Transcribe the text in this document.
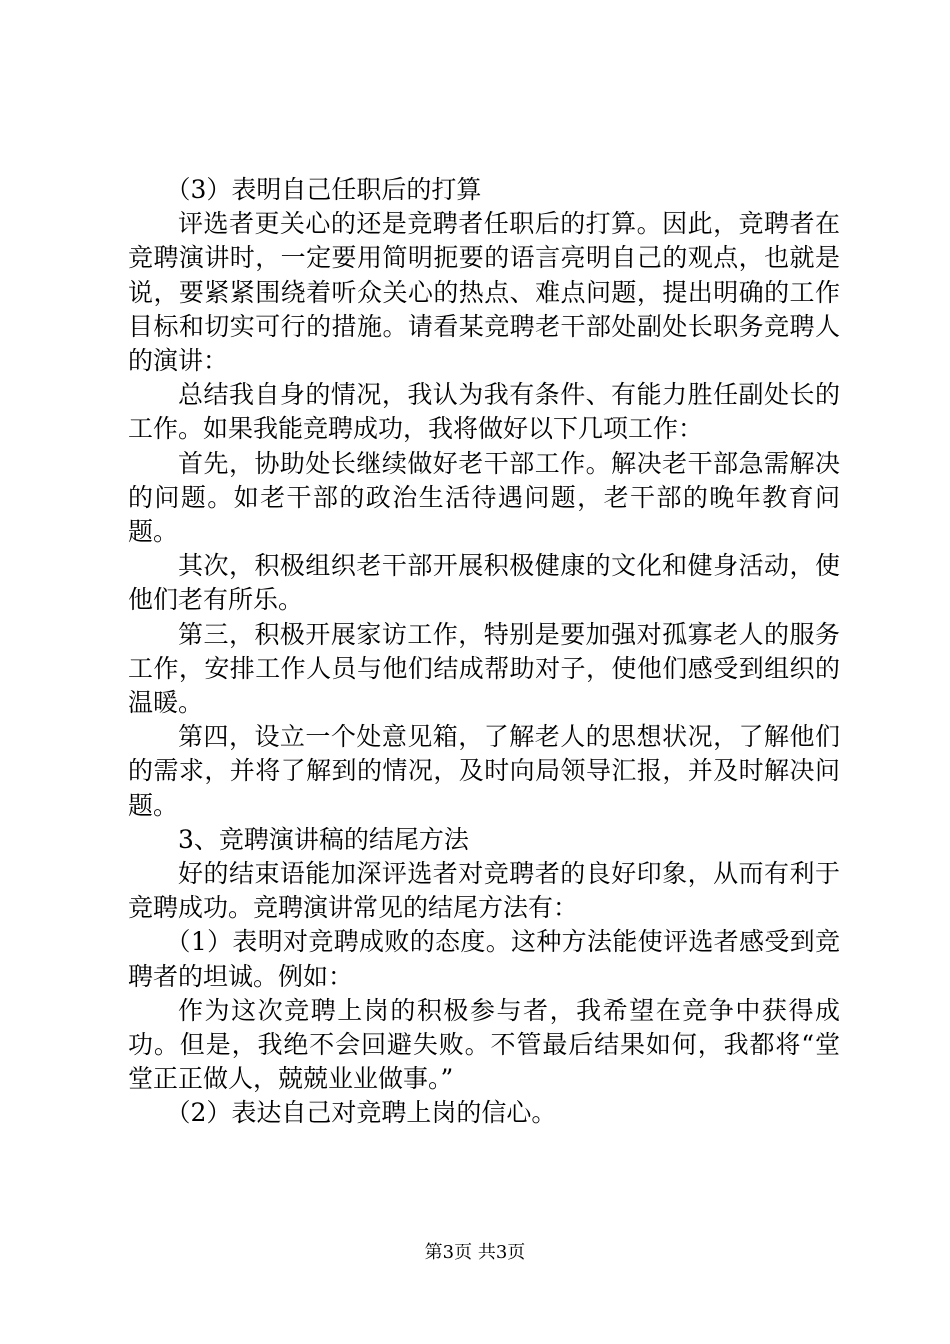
（3）表明自己任职后的打算

评选者更关心的还是竞聘者任职后的打算。因此，竞聘者在竞聘演讲时，一定要用简明扼要的语言亮明自己的观点，也就是说，要紧紧围绕着听众关心的热点、难点问题，提出明确的工作目标和切实可行的措施。请看某竞聘老干部处副处长职务竞聘人的演讲：

总结我自身的情况，我认为我有条件、有能力胜任副处长的工作。如果我能竞聘成功，我将做好以下几项工作：

首先，协助处长继续做好老干部工作。解决老干部急需解决的问题。如老干部的政治生活待遇问题，老干部的晚年教育问题。

其次，积极组织老干部开展积极健康的文化和健身活动，使他们老有所乐。

第三，积极开展家访工作，特别是要加强对孤寡老人的服务工作，安排工作人员与他们结成帮助对子，使他们感受到组织的温暖。

第四，设立一个处意见箱，了解老人的思想状况，了解他们的需求，并将了解到的情况，及时向局领导汇报，并及时解决问题。

3、竞聘演讲稿的结尾方法

好的结束语能加深评选者对竞聘者的良好印象，从而有利于竞聘成功。竞聘演讲常见的结尾方法有：

（1）表明对竞聘成败的态度。这种方法能使评选者感受到竞聘者的坦诚。例如：

作为这次竞聘上岗的积极参与者，我希望在竞争中获得成功。但是，我绝不会回避失败。不管最后结果如何，我都将“堂堂正正做人，兢兢业业做事。”

（2）表达自己对竞聘上岗的信心。

第3页 共3页
